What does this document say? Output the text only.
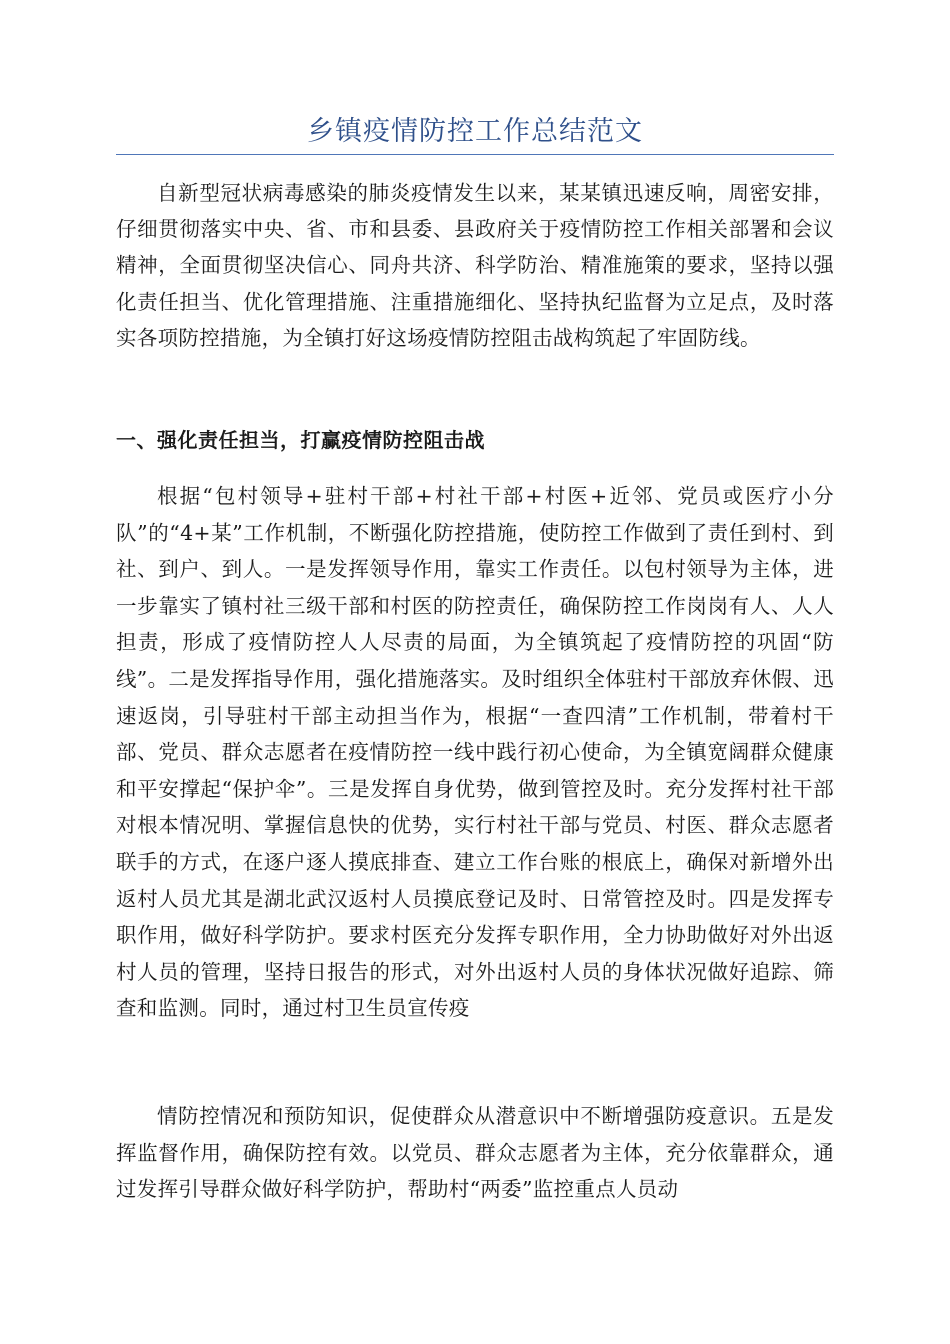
乡镇疫情防控工作总结范文

自新型冠状病毒感染的肺炎疫情发生以来，某某镇迅速反响，周密安排，仔细贯彻落实中央、省、市和县委、县政府关于疫情防控工作相关部署和会议精神，全面贯彻坚决信心、同舟共济、科学防治、精准施策的要求，坚持以强化责任担当、优化管理措施、注重措施细化、坚持执纪监督为立足点，及时落实各项防控措施，为全镇打好这场疫情防控阻击战构筑起了牢固防线。

一、强化责任担当，打赢疫情防控阻击战

根据“包村领导+驻村干部+村社干部+村医+近邻、党员或医疗小分队”的“4+某”工作机制，不断强化防控措施，使防控工作做到了责任到村、到社、到户、到人。一是发挥领导作用，靠实工作责任。以包村领导为主体，进一步靠实了镇村社三级干部和村医的防控责任，确保防控工作岗岗有人、人人担责，形成了疫情防控人人尽责的局面，为全镇筑起了疫情防控的巩固“防线”。二是发挥指导作用，强化措施落实。及时组织全体驻村干部放弃休假、迅速返岗，引导驻村干部主动担当作为，根据“一查四清”工作机制，带着村干部、党员、群众志愿者在疫情防控一线中践行初心使命，为全镇宽阔群众健康和平安撑起“保护伞”。三是发挥自身优势，做到管控及时。充分发挥村社干部对根本情况明、掌握信息快的优势，实行村社干部与党员、村医、群众志愿者联手的方式，在逐户逐人摸底排查、建立工作台账的根底上，确保对新增外出返村人员尤其是湖北武汉返村人员摸底登记及时、日常管控及时。四是发挥专职作用，做好科学防护。要求村医充分发挥专职作用，全力协助做好对外出返村人员的管理，坚持日报告的形式，对外出返村人员的身体状况做好追踪、筛查和监测。同时，通过村卫生员宣传疫

情防控情况和预防知识，促使群众从潜意识中不断增强防疫意识。五是发挥监督作用，确保防控有效。以党员、群众志愿者为主体，充分依靠群众，通过发挥引导群众做好科学防护，帮助村“两委”监控重点人员动
